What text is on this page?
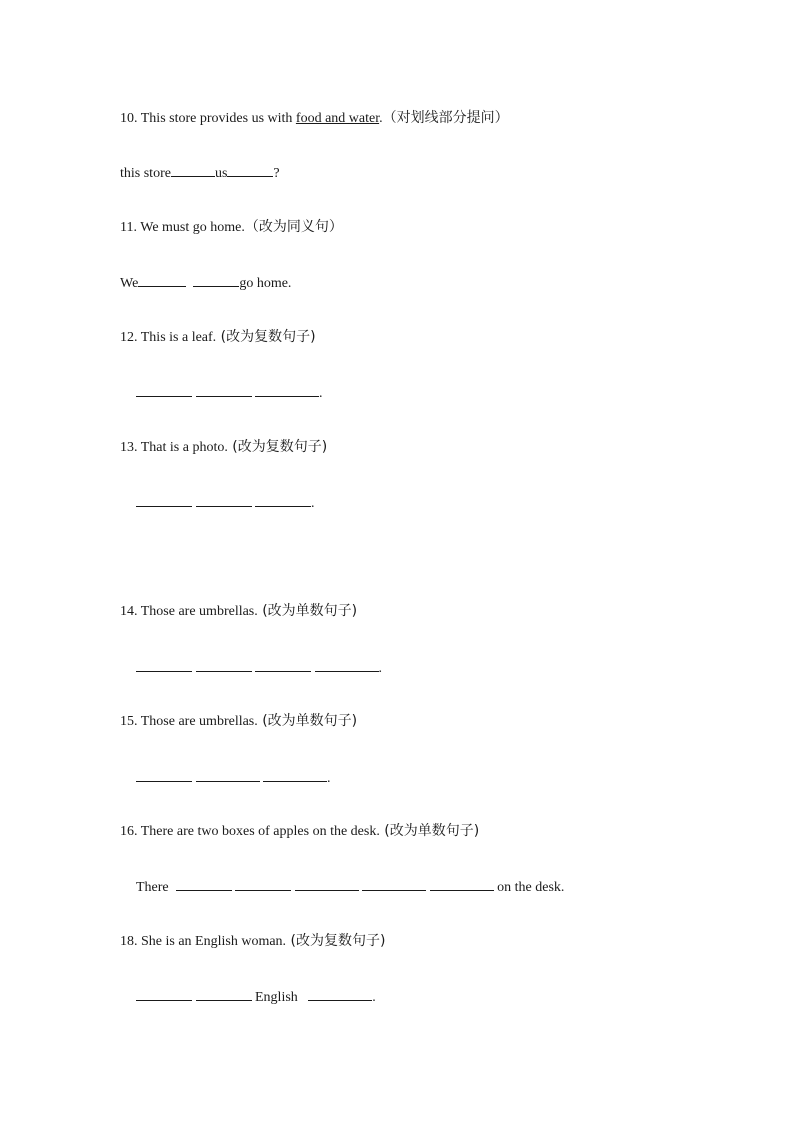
10. This store provides us with food and water.（对划线部分提问）
this store	us	?
11. We must go home.（改为同义句）
We	go home.
12. This is a leaf. (改为复数句子)
.
13. That is a photo. (改为复数句子)
.
14. Those are umbrellas. (改为单数句子)
.
15. Those are umbrellas. (改为单数句子)
.
16. There are two boxes of apples on the desk. (改为单数句子)
There	on the desk.
18. She is an English woman. (改为复数句子)
English	.
